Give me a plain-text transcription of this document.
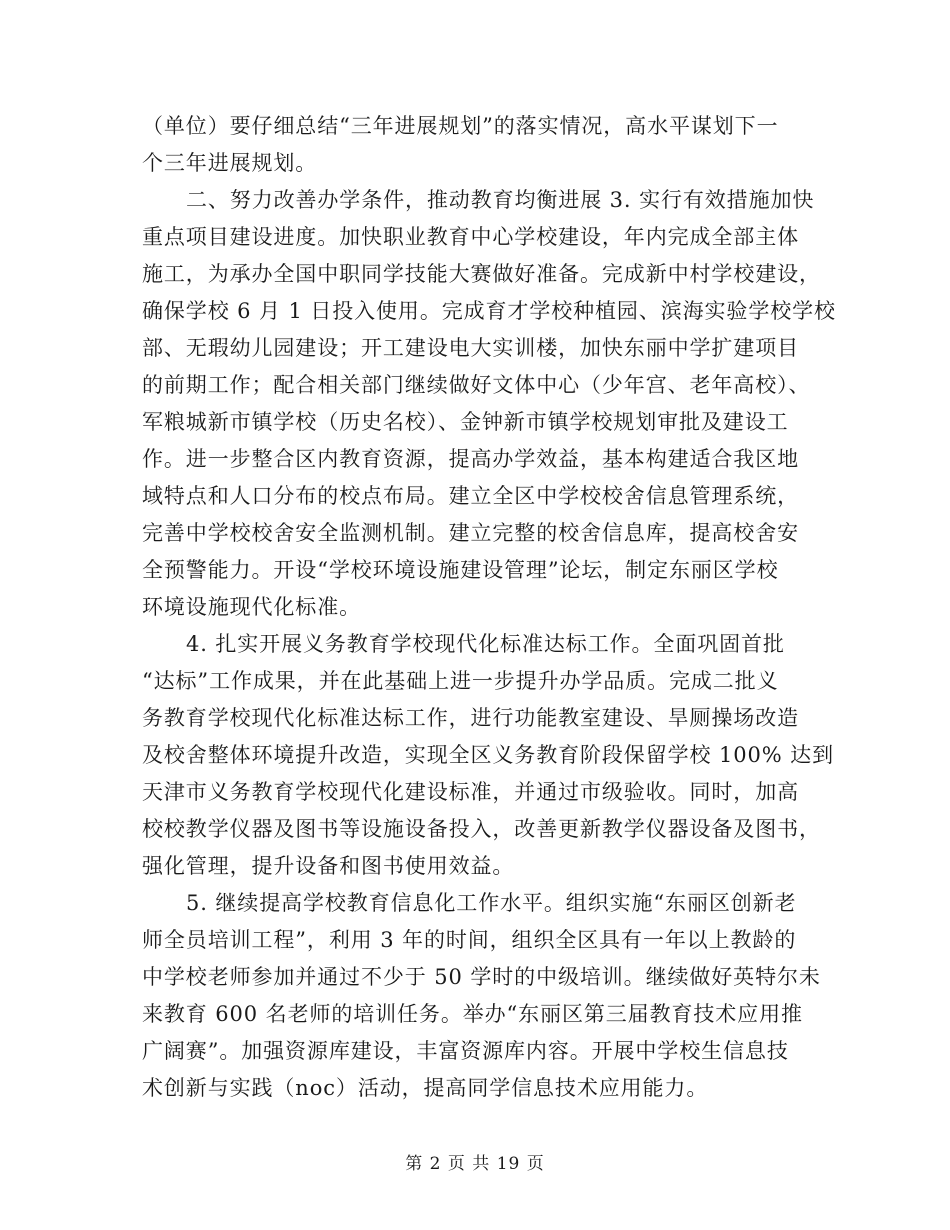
（单位）要仔细总结“三年进展规划”的落实情况，高水平谋划下一
个三年进展规划。
二、努力改善办学条件，推动教育均衡进展 3. 实行有效措施加快
重点项目建设进度。加快职业教育中心学校建设，年内完成全部主体
施工，为承办全国中职同学技能大赛做好准备。完成新中村学校建设，
确保学校 6 月 1 日投入使用。完成育才学校种植园、滨海实验学校学校
部、无瑕幼儿园建设；开工建设电大实训楼，加快东丽中学扩建项目
的前期工作；配合相关部门继续做好文体中心（少年宫、老年高校）、
军粮城新市镇学校（历史名校）、金钟新市镇学校规划审批及建设工
作。进一步整合区内教育资源，提高办学效益，基本构建适合我区地
域特点和人口分布的校点布局。建立全区中学校校舍信息管理系统，
完善中学校校舍安全监测机制。建立完整的校舍信息库，提高校舍安
全预警能力。开设“学校环境设施建设管理”论坛，制定东丽区学校
环境设施现代化标准。
4. 扎实开展义务教育学校现代化标准达标工作。全面巩固首批
“达标”工作成果，并在此基础上进一步提升办学品质。完成二批义
务教育学校现代化标准达标工作，进行功能教室建设、旱厕操场改造
及校舍整体环境提升改造，实现全区义务教育阶段保留学校 100% 达到
天津市义务教育学校现代化建设标准，并通过市级验收。同时，加高
校校教学仪器及图书等设施设备投入，改善更新教学仪器设备及图书，
强化管理，提升设备和图书使用效益。
5. 继续提高学校教育信息化工作水平。组织实施“东丽区创新老
师全员培训工程”，利用 3 年的时间，组织全区具有一年以上教龄的
中学校老师参加并通过不少于 50 学时的中级培训。继续做好英特尔未
来教育 600 名老师的培训任务。举办“东丽区第三届教育技术应用推
广阔赛”。加强资源库建设，丰富资源库内容。开展中学校生信息技
术创新与实践（noc）活动，提高同学信息技术应用能力。
第 2 页 共 19 页
